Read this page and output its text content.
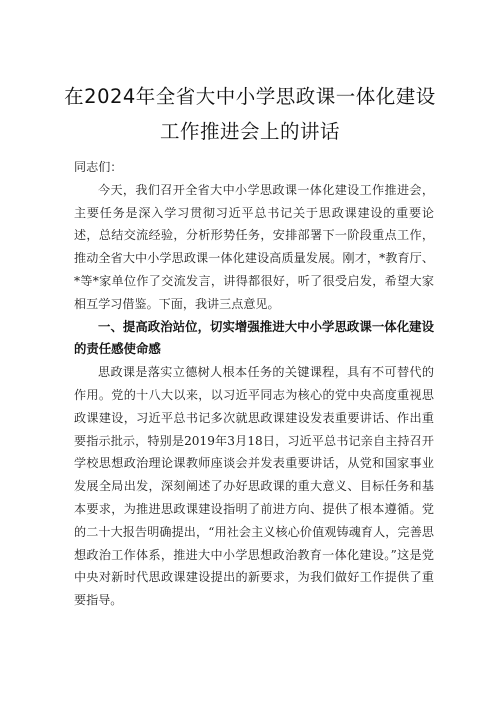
在2024年全省大中小学思政课一体化建设
工作推进会上的讲话

同志们：

今天，我们召开全省大中小学思政课一体化建设工作推进会，主要任务是深入学习贯彻习近平总书记关于思政课建设的重要论述，总结交流经验，分析形势任务，安排部署下一阶段重点工作，推动全省大中小学思政课一体化建设高质量发展。刚才，*教育厅、*等*家单位作了交流发言，讲得都很好，听了很受启发，希望大家相互学习借鉴。下面，我讲三点意见。

一、提高政治站位，切实增强推进大中小学思政课一体化建设的责任感使命感

思政课是落实立德树人根本任务的关键课程，具有不可替代的作用。党的十八大以来，以习近平同志为核心的党中央高度重视思政课建设，习近平总书记多次就思政课建设发表重要讲话、作出重要指示批示，特别是2019年3月18日，习近平总书记亲自主持召开学校思想政治理论课教师座谈会并发表重要讲话，从党和国家事业发展全局出发，深刻阐述了办好思政课的重大意义、目标任务和基本要求，为推进思政课建设指明了前进方向、提供了根本遵循。党的二十大报告明确提出，“用社会主义核心价值观铸魂育人，完善思想政治工作体系，推进大中小学思想政治教育一体化建设。”这是党中央对新时代思政课建设提出的新要求，为我们做好工作提供了重要指导。
